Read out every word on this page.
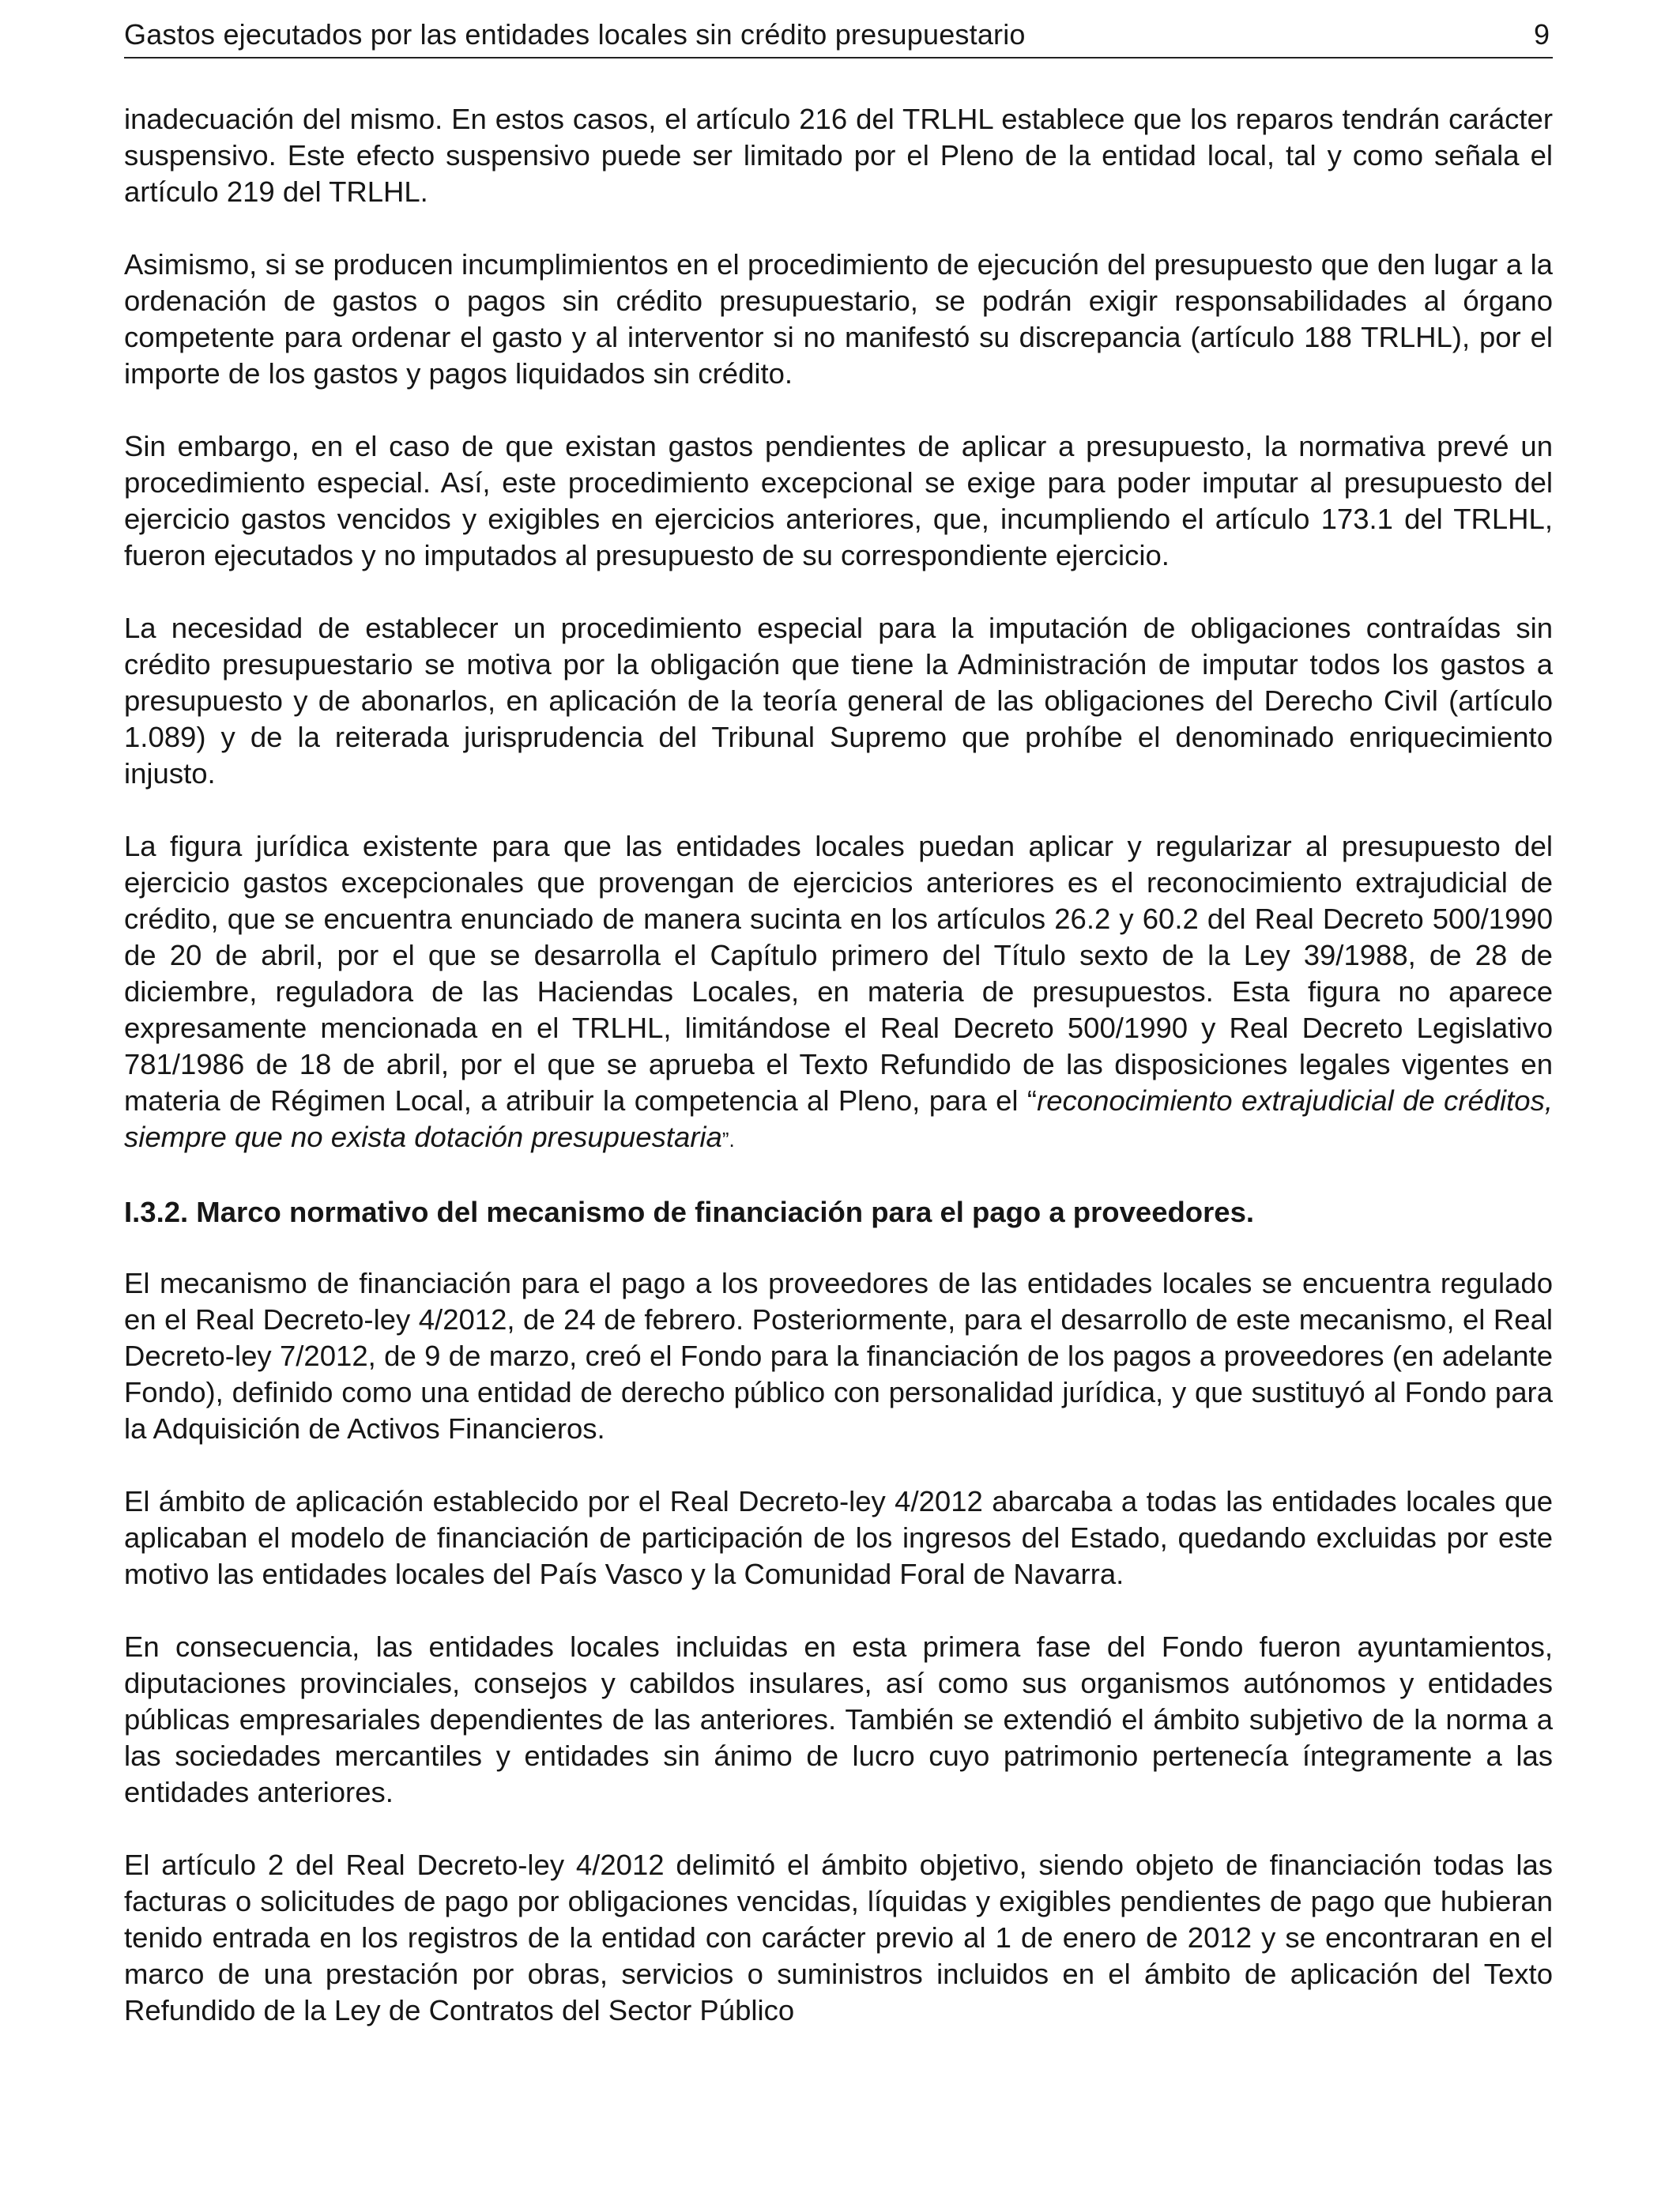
Gastos ejecutados por las entidades locales sin crédito presupuestario	9

inadecuación del mismo. En estos casos, el artículo 216 del TRLHL establece que los reparos tendrán carácter suspensivo. Este efecto suspensivo puede ser limitado por el Pleno de la entidad local, tal y como señala el artículo 219 del TRLHL.

Asimismo, si se producen incumplimientos en el procedimiento de ejecución del presupuesto que den lugar a la ordenación de gastos o pagos sin crédito presupuestario, se podrán exigir responsabilidades al órgano competente para ordenar el gasto y al interventor si no manifestó su discrepancia (artículo 188 TRLHL), por el importe de los gastos y pagos liquidados sin crédito.

Sin embargo, en el caso de que existan gastos pendientes de aplicar a presupuesto, la normativa prevé un procedimiento especial. Así, este procedimiento excepcional se exige para poder imputar al presupuesto del ejercicio gastos vencidos y exigibles en ejercicios anteriores, que, incumpliendo el artículo 173.1 del TRLHL, fueron ejecutados y no imputados al presupuesto de su correspondiente ejercicio.

La necesidad de establecer un procedimiento especial para la imputación de obligaciones contraídas sin crédito presupuestario se motiva por la obligación que tiene la Administración de imputar todos los gastos a presupuesto y de abonarlos, en aplicación de la teoría general de las obligaciones del Derecho Civil (artículo 1.089) y de la reiterada jurisprudencia del Tribunal Supremo que prohíbe el denominado enriquecimiento injusto.

La figura jurídica existente para que las entidades locales puedan aplicar y regularizar al presupuesto del ejercicio gastos excepcionales que provengan de ejercicios anteriores es el reconocimiento extrajudicial de crédito, que se encuentra enunciado de manera sucinta en los artículos 26.2 y 60.2 del Real Decreto 500/1990 de 20 de abril, por el que se desarrolla el Capítulo primero del Título sexto de la Ley 39/1988, de 28 de diciembre, reguladora de las Haciendas Locales, en materia de presupuestos. Esta figura no aparece expresamente mencionada en el TRLHL, limitándose el Real Decreto 500/1990 y Real Decreto Legislativo 781/1986 de 18 de abril, por el que se aprueba el Texto Refundido de las disposiciones legales vigentes en materia de Régimen Local, a atribuir la competencia al Pleno, para el “reconocimiento extrajudicial de créditos, siempre que no exista dotación presupuestaria”.

I.3.2. Marco normativo del mecanismo de financiación para el pago a proveedores.

El mecanismo de financiación para el pago a los proveedores de las entidades locales se encuentra regulado en el Real Decreto-ley 4/2012, de 24 de febrero. Posteriormente, para el desarrollo de este mecanismo, el Real Decreto-ley 7/2012, de 9 de marzo, creó el Fondo para la financiación de los pagos a proveedores (en adelante Fondo), definido como una entidad de derecho público con personalidad jurídica, y que sustituyó al Fondo para la Adquisición de Activos Financieros.

El ámbito de aplicación establecido por el Real Decreto-ley 4/2012 abarcaba a todas las entidades locales que aplicaban el modelo de financiación de participación de los ingresos del Estado, quedando excluidas por este motivo las entidades locales del País Vasco y la Comunidad Foral de Navarra.

En consecuencia, las entidades locales incluidas en esta primera fase del Fondo fueron ayuntamientos, diputaciones provinciales, consejos y cabildos insulares, así como sus organismos autónomos y entidades públicas empresariales dependientes de las anteriores. También se extendió el ámbito subjetivo de la norma a las sociedades mercantiles y entidades sin ánimo de lucro cuyo patrimonio pertenecía íntegramente a las entidades anteriores.

El artículo 2 del Real Decreto-ley 4/2012 delimitó el ámbito objetivo, siendo objeto de financiación todas las facturas o solicitudes de pago por obligaciones vencidas, líquidas y exigibles pendientes de pago que hubieran tenido entrada en los registros de la entidad con carácter previo al 1 de enero de 2012 y se encontraran en el marco de una prestación por obras, servicios o suministros incluidos en el ámbito de aplicación del Texto Refundido de la Ley de Contratos del Sector Público
